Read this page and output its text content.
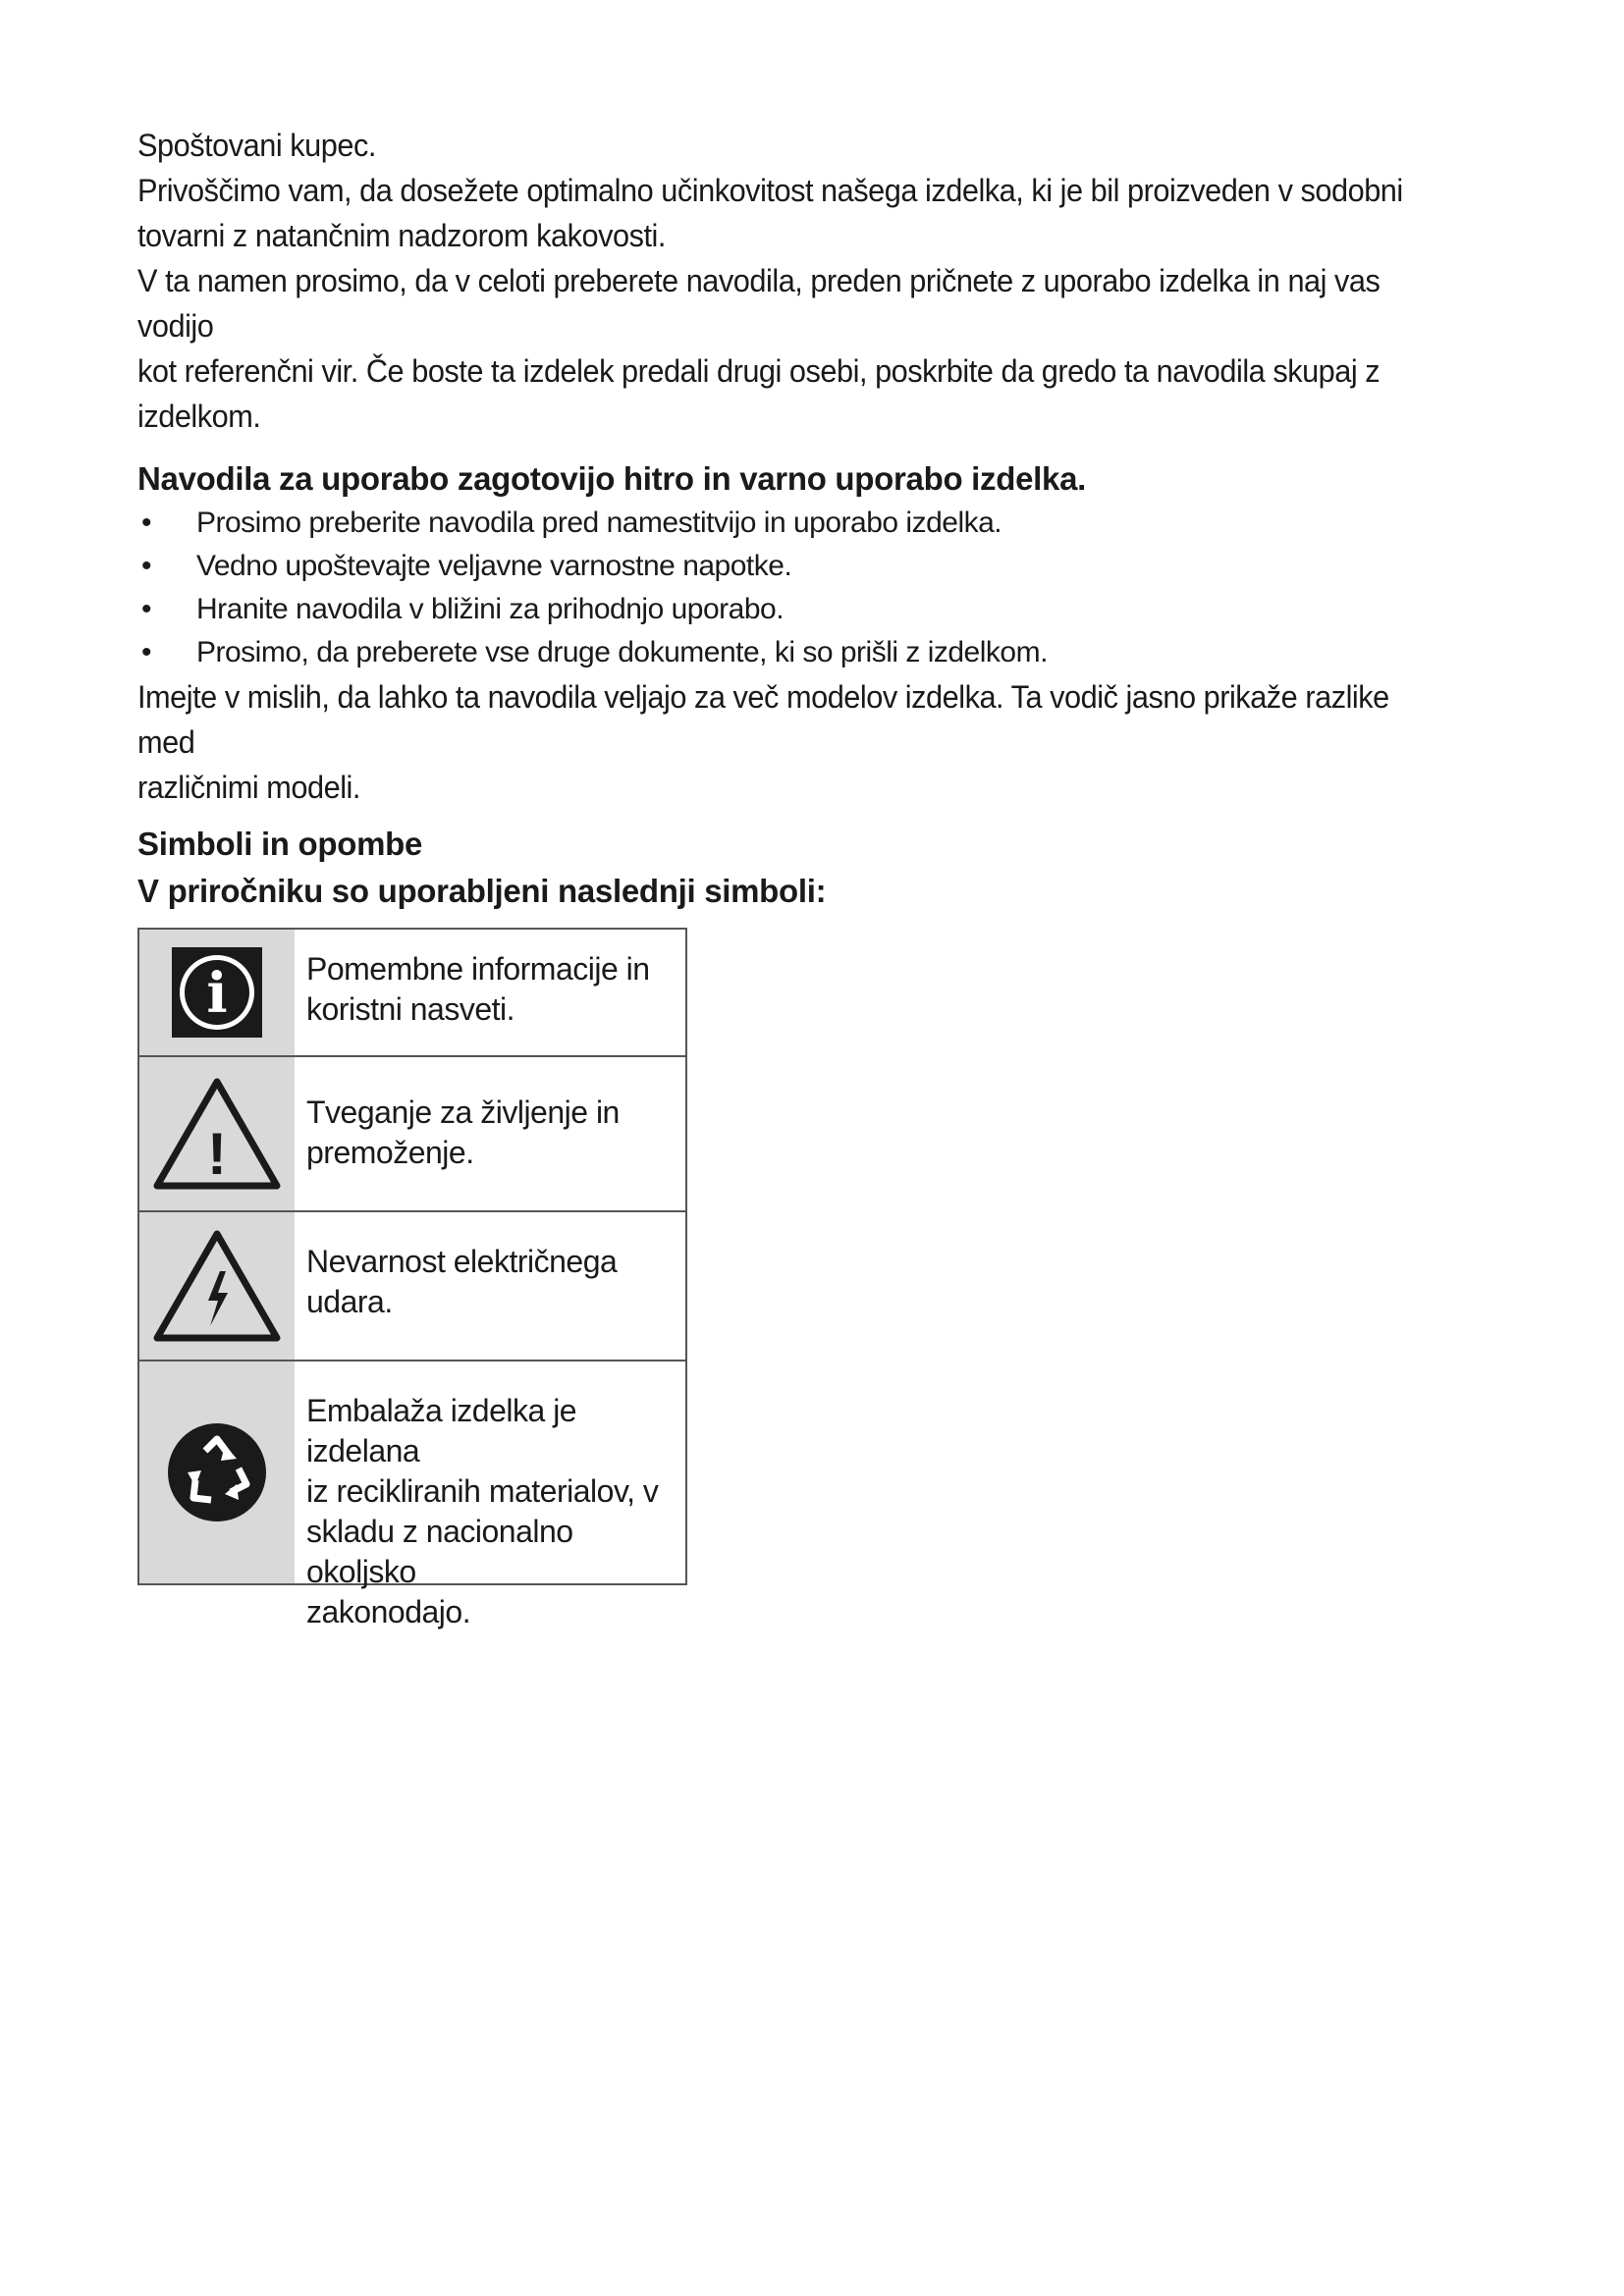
Spoštovani kupec.

Privoščimo vam, da dosežete optimalno učinkovitost našega izdelka, ki je bil proizveden v sodobni

tovarni z natančnim nadzorom kakovosti.

V ta namen prosimo, da v celoti preberete navodila, preden pričnete z uporabo izdelka in naj vas vodijo

kot referenčni vir. Če boste ta izdelek predali drugi osebi, poskrbite da gredo ta navodila skupaj z

izdelkom.

Navodila za uporabo zagotovijo hitro in varno uporabo izdelka.
• Prosimo preberite navodila pred namestitvijo in uporabo izdelka.
• Vedno upoštevajte veljavne varnostne napotke.
• Hranite navodila v bližini za prihodnjo uporabo.
• Prosimo, da preberete vse druge dokumente, ki so prišli z izdelkom.

Imejte v mislih, da lahko ta navodila veljajo za več modelov izdelka. Ta vodič jasno prikaže razlike med

različnimi modeli.

Simboli in opombe
V priročniku so uporabljeni naslednji simboli:
i	Pomembne informacije in
koristni nasveti.
!
Tveganje za življenje in
premoženje.
Nevarnost električnega
udara.
Embalaža izdelka je izdelana
iz recikliranih materialov, v
skladu z nacionalno okoljsko
zakonodajo.
